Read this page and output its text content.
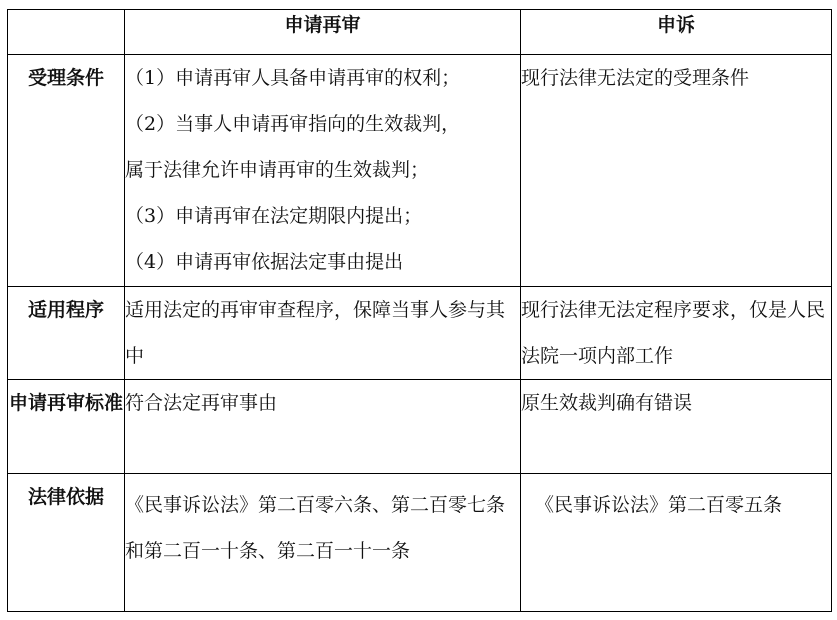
	申请再审	申诉
受理条件	（1）申请再审人具备申请再审的权利；
（2）当事人申请再审指向的生效裁判，
属于法律允许申请再审的生效裁判；
（3）申请再审在法定期限内提出；
（4）申请再审依据法定事由提出	现行法律无法定的受理条件
适用程序	适用法定的再审审查程序，保障当事人参与其中	现行法律无法定程序要求，仅是人民法院一项内部工作
申请再审标准	符合法定再审事由	原生效裁判确有错误
法律依据	《民事诉讼法》第二百零六条、第二百零七条和第二百一十条、第二百一十一条	《民事诉讼法》第二百零五条
